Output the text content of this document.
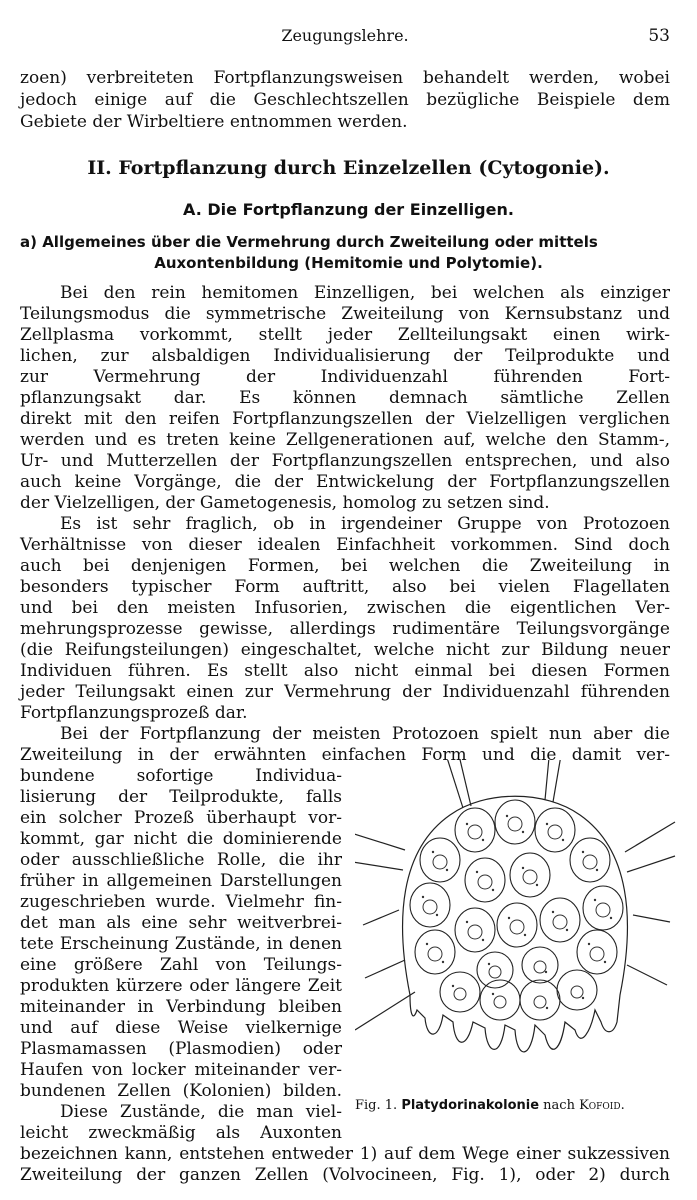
Zeugungslehre.	53
zoen) verbreiteten Fortpflanzungsweisen behandelt werden, wobei
jedoch einige auf die Geschlechtszellen bezügliche Beispiele dem
Gebiete der Wirbeltiere entnommen werden.
II. Fortpflanzung durch Einzelzellen (Cytogonie).
A. Die Fortpflanzung der Einzelligen.
a) Allgemeines über die Vermehrung durch Zweiteilung oder mittels
Auxontenbildung (Hemitomie und Polytomie).
Bei den rein hemitomen Einzelligen, bei welchen als einziger
Teilungsmodus die symmetrische Zweiteilung von Kernsubstanz und
Zellplasma vorkommt, stellt jeder Zellteilungsakt einen wirk-
lichen, zur alsbaldigen Individualisierung der Teilprodukte und
zur Vermehrung der Individuenzahl führenden Fort-
pflanzungsakt dar. Es können demnach sämtliche Zellen
direkt mit den reifen Fortpflanzungszellen der Vielzelligen verglichen
werden und es treten keine Zellgenerationen auf, welche den Stamm-,
Ur- und Mutterzellen der Fortpflanzungszellen entsprechen, und also
auch keine Vorgänge, die der Entwickelung der Fortpflanzungszellen
der Vielzelligen, der Gametogenesis, homolog zu setzen sind.
Es ist sehr fraglich, ob in irgendeiner Gruppe von Protozoen
Verhältnisse von dieser idealen Einfachheit vorkommen. Sind doch
auch bei denjenigen Formen, bei welchen die Zweiteilung in
besonders typischer Form auftritt, also bei vielen Flagellaten
und bei den meisten Infusorien, zwischen die eigentlichen Ver-
mehrungsprozesse gewisse, allerdings rudimentäre Teilungsvorgänge
(die Reifungsteilungen) eingeschaltet, welche nicht zur Bildung neuer
Individuen führen. Es stellt also nicht einmal bei diesen Formen
jeder Teilungsakt einen zur Vermehrung der Individuenzahl führenden
Fortpflanzungsprozeß dar.
Bei der Fortpflanzung der meisten Protozoen spielt nun aber die
Zweiteilung in der erwähnten einfachen Form und die damit ver-
bundene sofortige Individua-
lisierung der Teilprodukte, falls
ein solcher Prozeß überhaupt vor-
kommt, gar nicht die dominierende
oder ausschließliche Rolle, die ihr
früher in allgemeinen Darstellungen
zugeschrieben wurde. Vielmehr fin-
det man als eine sehr weitverbrei-
tete Erscheinung Zustände, in denen
eine größere Zahl von Teilungs-
produkten kürzere oder längere Zeit
miteinander in Verbindung bleiben
und auf diese Weise vielkernige
Plasmamassen (Plasmodien) oder
Haufen von locker miteinander ver-
bundenen Zellen (Kolonien) bilden.
Diese Zustände, die man viel-
leicht zweckmäßig als Auxonten
bezeichnen kann, entstehen entweder 1) auf dem Wege einer sukzessiven
Zweiteilung der ganzen Zellen (Volvocineen, Fig. 1), oder 2) durch
Fig. 1. Platydorinakolonie nach Kofoid.
